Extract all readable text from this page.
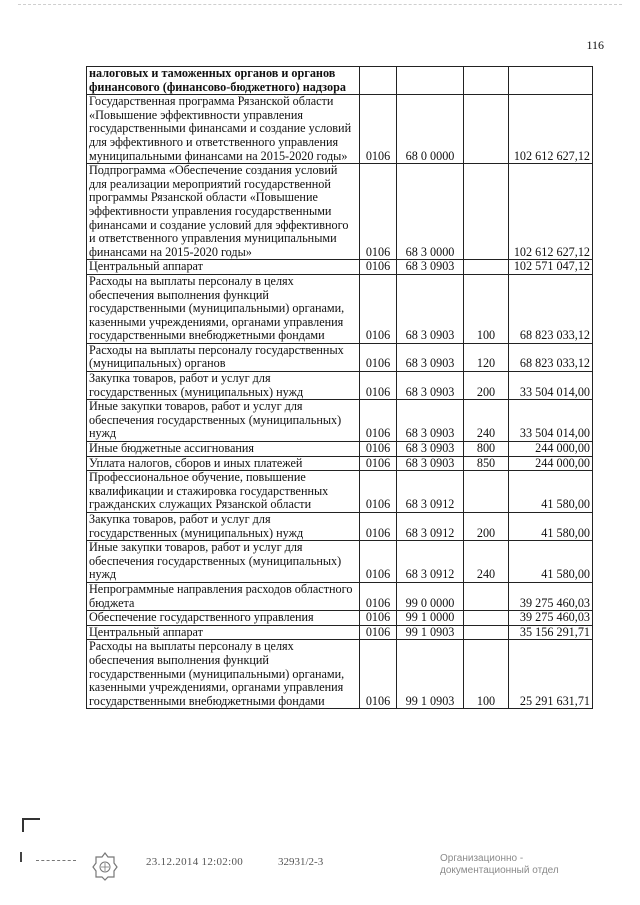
116
налоговых и таможенных органов и органов финансового (финансово-бюджетного) надзора				
Государственная программа Рязанской области «Повышение эффективности управления государственными финансами и создание условий для эффективного и ответственного управления муниципальными финансами на 2015-2020 годы»	0106	68 0 0000		102 612 627,12
Подпрограмма «Обеспечение создания условий для реализации мероприятий государственной программы Рязанской области «Повышение эффективности управления государственными финансами и создание условий для эффективного и ответственного управления муниципальными финансами на 2015-2020 годы»	0106	68 3 0000		102 612 627,12
Центральный аппарат	0106	68 3 0903		102 571 047,12
Расходы на выплаты персоналу в целях обеспечения выполнения функций государственными (муниципальными) органами, казенными учреждениями, органами управления государственными внебюджетными фондами	0106	68 3 0903	100	68 823 033,12
Расходы на выплаты персоналу государственных (муниципальных) органов	0106	68 3 0903	120	68 823 033,12
Закупка товаров, работ и услуг для государственных (муниципальных) нужд	0106	68 3 0903	200	33 504 014,00
Иные закупки товаров, работ и услуг для обеспечения государственных (муниципальных) нужд	0106	68 3 0903	240	33 504 014,00
Иные бюджетные ассигнования	0106	68 3 0903	800	244 000,00
Уплата налогов, сборов и иных платежей	0106	68 3 0903	850	244 000,00
Профессиональное обучение, повышение квалификации и стажировка государственных гражданских служащих Рязанской области	0106	68 3 0912		41 580,00
Закупка товаров, работ и услуг для государственных (муниципальных) нужд	0106	68 3 0912	200	41 580,00
Иные закупки товаров, работ и услуг для обеспечения государственных (муниципальных) нужд	0106	68 3 0912	240	41 580,00
Непрограммные направления расходов областного бюджета	0106	99 0 0000		39 275 460,03
Обеспечение государственного управления	0106	99 1 0000		39 275 460,03
Центральный аппарат	0106	99 1 0903		35 156 291,71
Расходы на выплаты персоналу в целях обеспечения выполнения функций государственными (муниципальными) органами, казенными учреждениями, органами управления государственными внебюджетными фондами	0106	99 1 0903	100	25 291 631,71
23.12.2014 12:02:00	32931/2-3	Организационно -
документационный отдел
